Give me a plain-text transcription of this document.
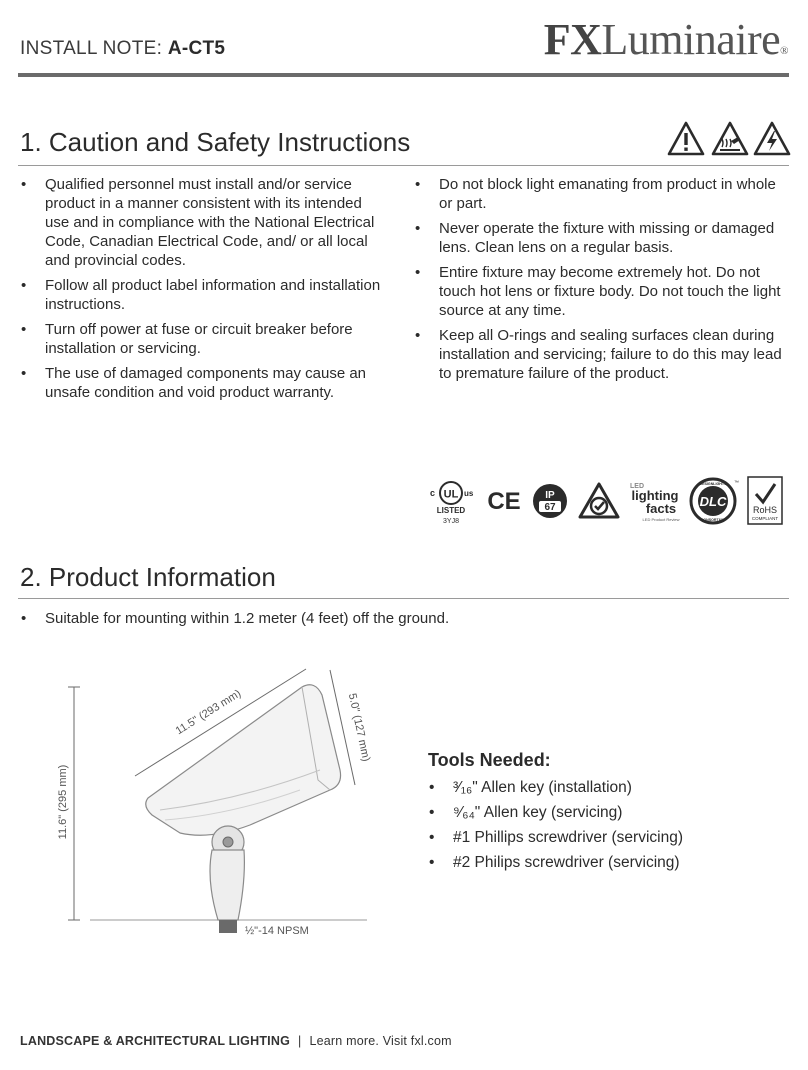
INSTALL NOTE: A-CT5	FXLuminaire®
1. Caution and Safety Instructions
• Qualified personnel must install and/or service product in a manner consistent with its intended use and in compliance with the National Electrical Code, Canadian Electrical Code, and/ or all local and provincial codes.
• Follow all product label information and installation instructions.
• Turn off power at fuse or circuit breaker before installation or servicing.
• The use of damaged components may cause an unsafe condition and void product warranty.
• Do not block light emanating from product in whole or part.
• Never operate the fixture with missing or damaged lens. Clean lens on a regular basis.
• Entire fixture may become extremely hot. Do not touch hot lens or fixture body. Do not touch the light source at any time.
• Keep all O-rings and sealing surfaces clean during installation and servicing; failure to do this may lead to premature failure of the product.
c UL us
LISTED
3YJ8
CE IP
67
LED
lighting
facts
LED Product Review
DLC
DESIGNLIGHTS
CONSORTIUM
™
RoHS
COMPLIANT
2. Product Information
• Suitable for mounting within 1.2 meter (4 feet) off the ground.
11.6" (295 mm)
11.5" (293 mm)	5.0" (127 mm)
½"-14 NPSM
Tools Needed:
• ³⁄₁₆" Allen key (installation)
• ⁹⁄₆₄" Allen key (servicing)
• #1 Phillips screwdriver (servicing)
• #2 Philips screwdriver (servicing)
LANDSCAPE & ARCHITECTURAL LIGHTING | Learn more. Visit fxl.com
